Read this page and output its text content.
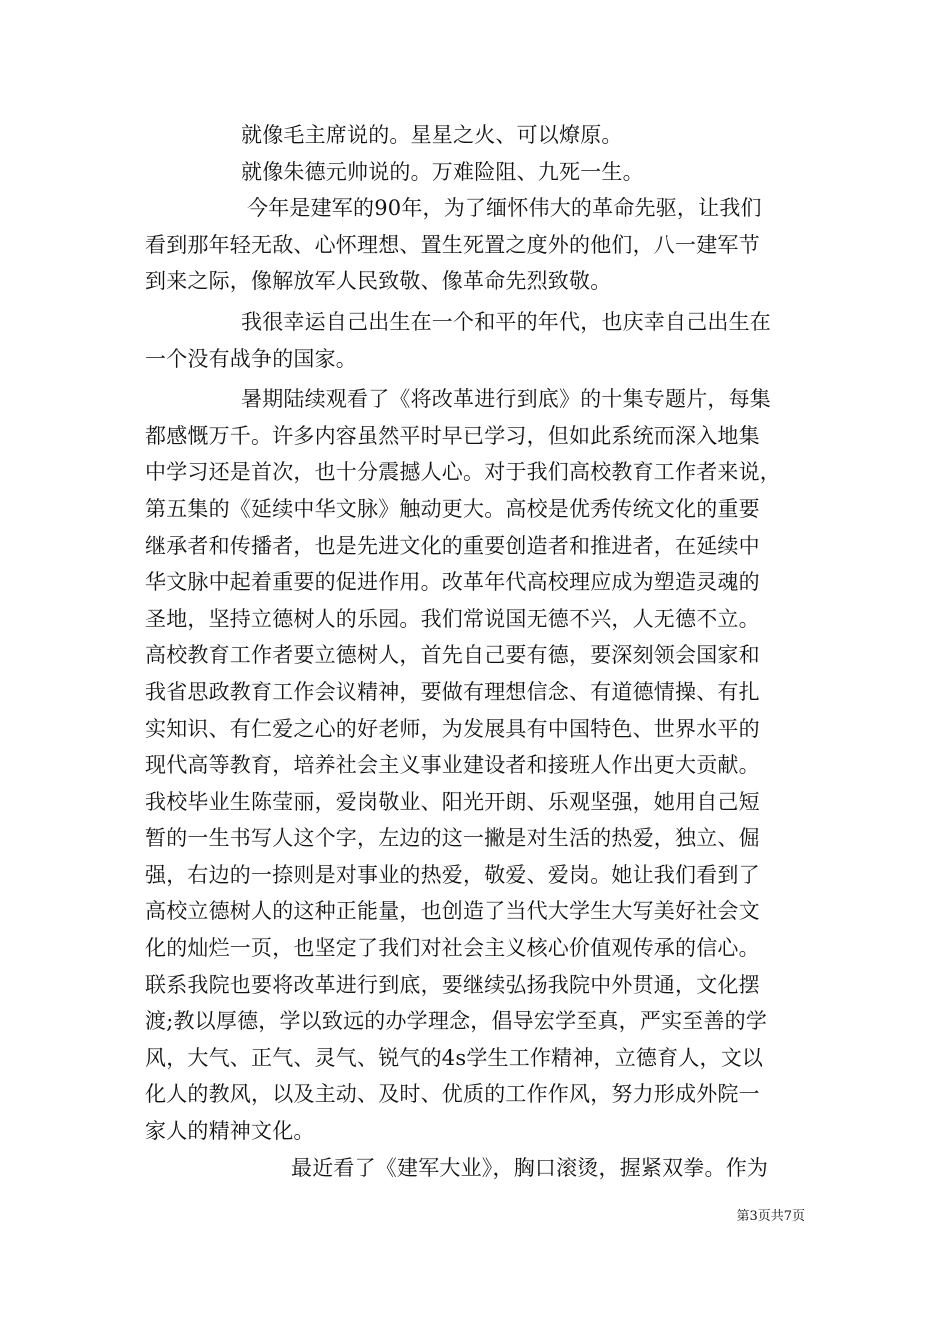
就像毛主席说的。星星之火、可以燎原。
就像朱德元帅说的。万难险阻、九死一生。
今年是建军的90年，为了缅怀伟大的革命先驱，让我们
看到那年轻无敌、心怀理想、置生死置之度外的他们，八一建军节
到来之际，像解放军人民致敬、像革命先烈致敬。
我很幸运自己出生在一个和平的年代，也庆幸自己出生在
一个没有战争的国家。
暑期陆续观看了《将改革进行到底》的十集专题片，每集
都感慨万千。许多内容虽然平时早已学习，但如此系统而深入地集
中学习还是首次，也十分震撼人心。对于我们高校教育工作者来说，
第五集的《延续中华文脉》触动更大。高校是优秀传统文化的重要
继承者和传播者，也是先进文化的重要创造者和推进者，在延续中
华文脉中起着重要的促进作用。改革年代高校理应成为塑造灵魂的
圣地，坚持立德树人的乐园。我们常说国无德不兴，人无德不立。
高校教育工作者要立德树人，首先自己要有德，要深刻领会国家和
我省思政教育工作会议精神，要做有理想信念、有道德情操、有扎
实知识、有仁爱之心的好老师，为发展具有中国特色、世界水平的
现代高等教育，培养社会主义事业建设者和接班人作出更大贡献。
我校毕业生陈莹丽，爱岗敬业、阳光开朗、乐观坚强，她用自己短
暂的一生书写人这个字，左边的这一撇是对生活的热爱，独立、倔
强，右边的一捺则是对事业的热爱，敬爱、爱岗。她让我们看到了
高校立德树人的这种正能量，也创造了当代大学生大写美好社会文
化的灿烂一页，也坚定了我们对社会主义核心价值观传承的信心。
联系我院也要将改革进行到底，要继续弘扬我院中外贯通，文化摆
渡;教以厚德，学以致远的办学理念，倡导宏学至真，严实至善的学
风，大气、正气、灵气、锐气的4s学生工作精神，立德育人，文以
化人的教风，以及主动、及时、优质的工作作风，努力形成外院一
家人的精神文化。
最近看了《建军大业》，胸口滚烫，握紧双拳。作为
第3页共7页
